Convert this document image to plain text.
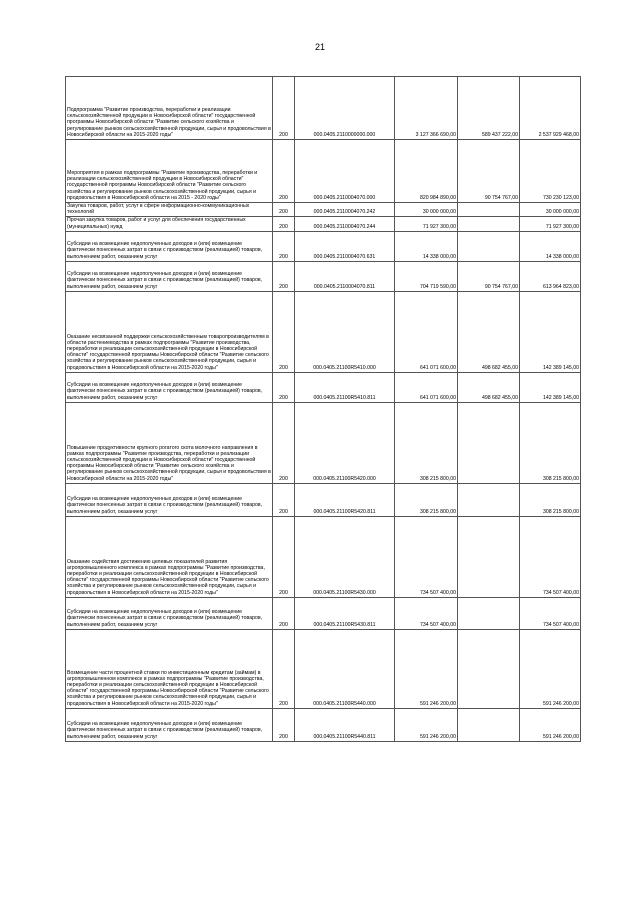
21
Подпрограмма "Развитие производства, переработки и реализации сельскохозяйственной продукции в Новосибирской области" государственной программы Новосибирской области "Развитие сельского хозяйства и регулирование рынков сельскохозяйственной продукции, сырья и продовольствия в Новосибирской области на 2015-2020 годы"	200	000.0405.2110000000.000	3 127 366 690,00	589 437 222,00	2 537 929 468,00
Мероприятия в рамках подпрограммы "Развитие производства, переработки и реализации сельскохозяйственной продукции в Новосибирской области" государственной программы Новосибирской области "Развитие сельского хозяйства и регулирование рынков сельскохозяйственной продукции, сырья и продовольствия в Новосибирской области на 2015 - 2020 годы"	200	000.0405.2110004070.000	820 984 890,00	90 754 767,00	730 230 123,00
Закупка товаров, работ, услуг в сфере информационно-коммуникационных технологий	200	000.0405.2110004070.242	30 000 000,00		30 000 000,00
Прочая закупка товаров, работ и услуг для обеспечения государственных (муниципальных) нужд	200	000.0405.2110004070.244	71 927 300,00		71 927 300,00
Субсидии на возмещение недополученных доходов и (или) возмещение фактически понесенных затрат в связи с производством (реализацией) товаров, выполнением работ, оказанием услуг	200	000.0405.2110004070.631	14 338 000,00		14 338 000,00
Субсидии на возмещение недополученных доходов и (или) возмещение фактически понесенных затрат в связи с производством (реализацией) товаров, выполнением работ, оказанием услуг	200	000.0405.2110004070.811	704 719 590,00	90 754 767,00	613 964 823,00
Оказание несвязанной поддержки сельскохозяйственным товаропроизводителям в области растениеводства в рамках подпрограммы "Развитие производства, переработки и реализации сельскохозяйственной продукции в Новосибирской области" государственной программы Новосибирской области "Развитие сельского хозяйства и регулирование рынков сельскохозяйственной продукции, сырья и продовольствия в Новосибирской области на 2015-2020 годы"	200	000.0405.21100R5410.000	641 071 600,00	498 682 455,00	142 389 145,00
Субсидии на возмещение недополученных доходов и (или) возмещение фактически понесенных затрат в связи с производством (реализацией) товаров, выполнением работ, оказанием услуг	200	000.0405.21100R5410.811	641 071 600,00	498 682 455,00	142 389 145,00
Повышение продуктивности крупного рогатого скота молочного направления в рамках подпрограммы "Развитие производства, переработки и реализации сельскохозяйственной продукции в Новосибирской области" государственной программы Новосибирской области "Развитие сельского хозяйства и регулирование рынков сельскохозяйственной продукции, сырья и продовольствия в Новосибирской области на 2015-2020 годы"	200	000.0405.21100R5420.000	308 215 800,00		308 215 800,00
Субсидии на возмещение недополученных доходов и (или) возмещение фактически понесенных затрат в связи с производством (реализацией) товаров, выполнением работ, оказанием услуг	200	000.0405.21100R5420.811	308 215 800,00		308 215 800,00
Оказание содействия достижению целевых показателей развития агропромышленного комплекса в рамках подпрограммы "Развитие производства, переработки и реализации сельскохозяйственной продукции в Новосибирской области" государственной программы Новосибирской области "Развитие сельского хозяйства и регулирование рынков сельскохозяйственной продукции, сырья и продовольствия в Новосибирской области на 2015-2020 годы"	200	000.0405.21100R5430.000	734 507 400,00		734 507 400,00
Субсидии на возмещение недополученных доходов и (или) возмещение фактически понесенных затрат в связи с производством (реализацией) товаров, выполнением работ, оказанием услуг	200	000.0405.21100R5430.811	734 507 400,00		734 507 400,00
Возмещение части процентной ставки по инвестиционным кредитам (займам) в агропромышленном комплексе в рамках подпрограммы "Развитие производства, переработки и реализации сельскохозяйственной продукции в Новосибирской области" государственной программы Новосибирской области "Развитие сельского хозяйства и регулирование рынков сельскохозяйственной продукции, сырья и продовольствия в Новосибирской области на 2015-2020 годы"	200	000.0405.21100R5440.000	591 246 200,00		591 246 200,00
Субсидии на возмещение недополученных доходов и (или) возмещение фактически понесенных затрат в связи с производством (реализацией) товаров, выполнением работ, оказанием услуг	200	000.0405.21100R5440.811	591 246 200,00		591 246 200,00
